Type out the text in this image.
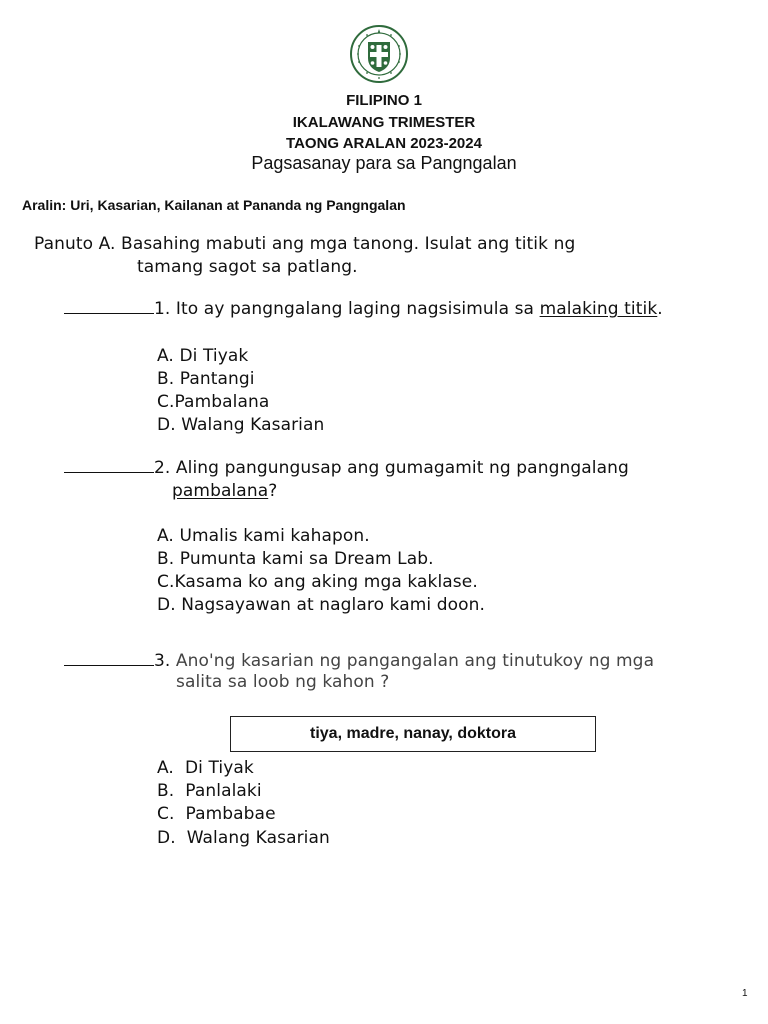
FILIPINO 1
IKALAWANG TRIMESTER
TAONG ARALAN 2023-2024
Pagsasanay para sa Pangngalan
Aralin: Uri, Kasarian, Kailanan at Pananda ng Pangngalan
Panuto A. Basahing mabuti ang mga tanong. Isulat ang titik ng
tamang sagot sa patlang.
1. Ito ay pangngalang laging nagsisimula sa malaking titik.
A. Di Tiyak
B. Pantangi
C.Pambalana
D. Walang Kasarian
2. Aling pangungusap ang gumagamit ng pangngalang
pambalana?
A. Umalis kami kahapon.
B. Pumunta kami sa Dream Lab.
C.Kasama ko ang aking mga kaklase.
D. Nagsayawan at naglaro kami doon.
3. Ano'ng kasarian ng pangangalan ang tinutukoy ng mga
salita sa loob ng kahon ?
tiya, madre, nanay, doktora
A.  Di Tiyak
B.  Panlalaki
C.  Pambabae
D.  Walang Kasarian
1
